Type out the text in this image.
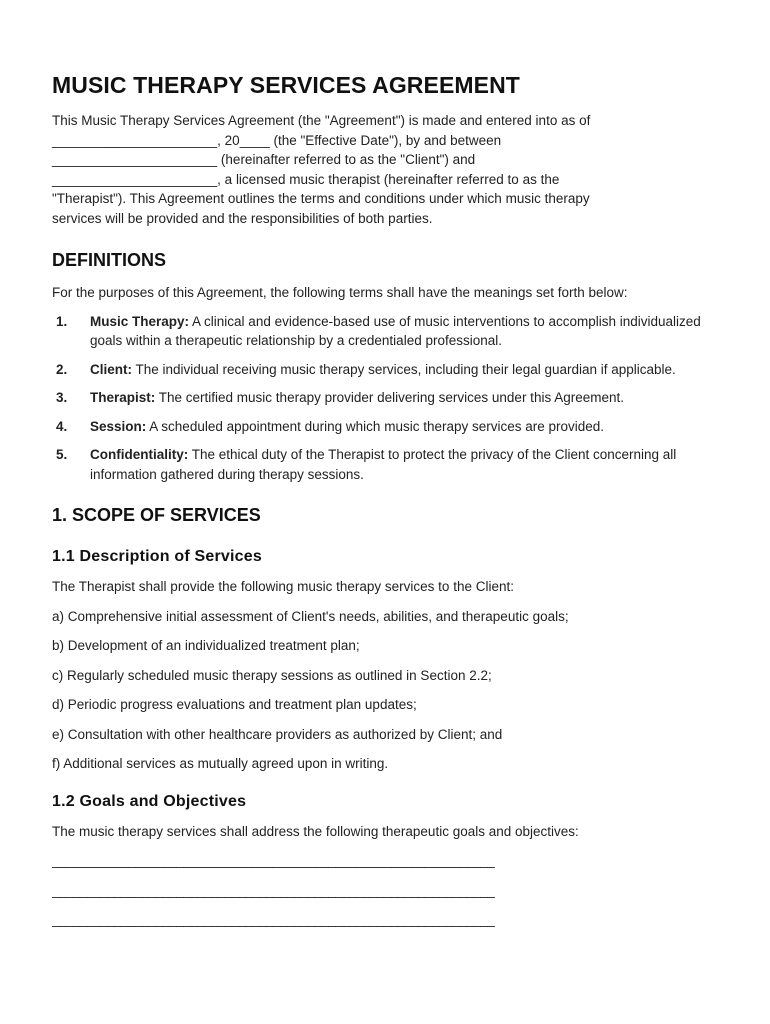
MUSIC THERAPY SERVICES AGREEMENT
This Music Therapy Services Agreement (the "Agreement") is made and entered into as of
______________________, 20____ (the "Effective Date"), by and between
______________________ (hereinafter referred to as the "Client") and
______________________, a licensed music therapist (hereinafter referred to as the
"Therapist"). This Agreement outlines the terms and conditions under which music therapy
services will be provided and the responsibilities of both parties.
DEFINITIONS

For the purposes of this Agreement, the following terms shall have the meanings set forth below:

1.	Music Therapy: A clinical and evidence-based use of music interventions to accomplish individualized goals within a therapeutic relationship by a credentialed professional.
2.	Client: The individual receiving music therapy services, including their legal guardian if applicable.
3.	Therapist: The certified music therapy provider delivering services under this Agreement.
4.	Session: A scheduled appointment during which music therapy services are provided.
5.	Confidentiality: The ethical duty of the Therapist to protect the privacy of the Client concerning all information gathered during therapy sessions.
1. SCOPE OF SERVICES
1.1 Description of Services

The Therapist shall provide the following music therapy services to the Client:

a) Comprehensive initial assessment of Client's needs, abilities, and therapeutic goals;

b) Development of an individualized treatment plan;

c) Regularly scheduled music therapy sessions as outlined in Section 2.2;

d) Periodic progress evaluations and treatment plan updates;

e) Consultation with other healthcare providers as authorized by Client; and

f) Additional services as mutually agreed upon in writing.

1.2 Goals and Objectives

The music therapy services shall address the following therapeutic goals and objectives:

________________________________________________________________

________________________________________________________________

________________________________________________________________
